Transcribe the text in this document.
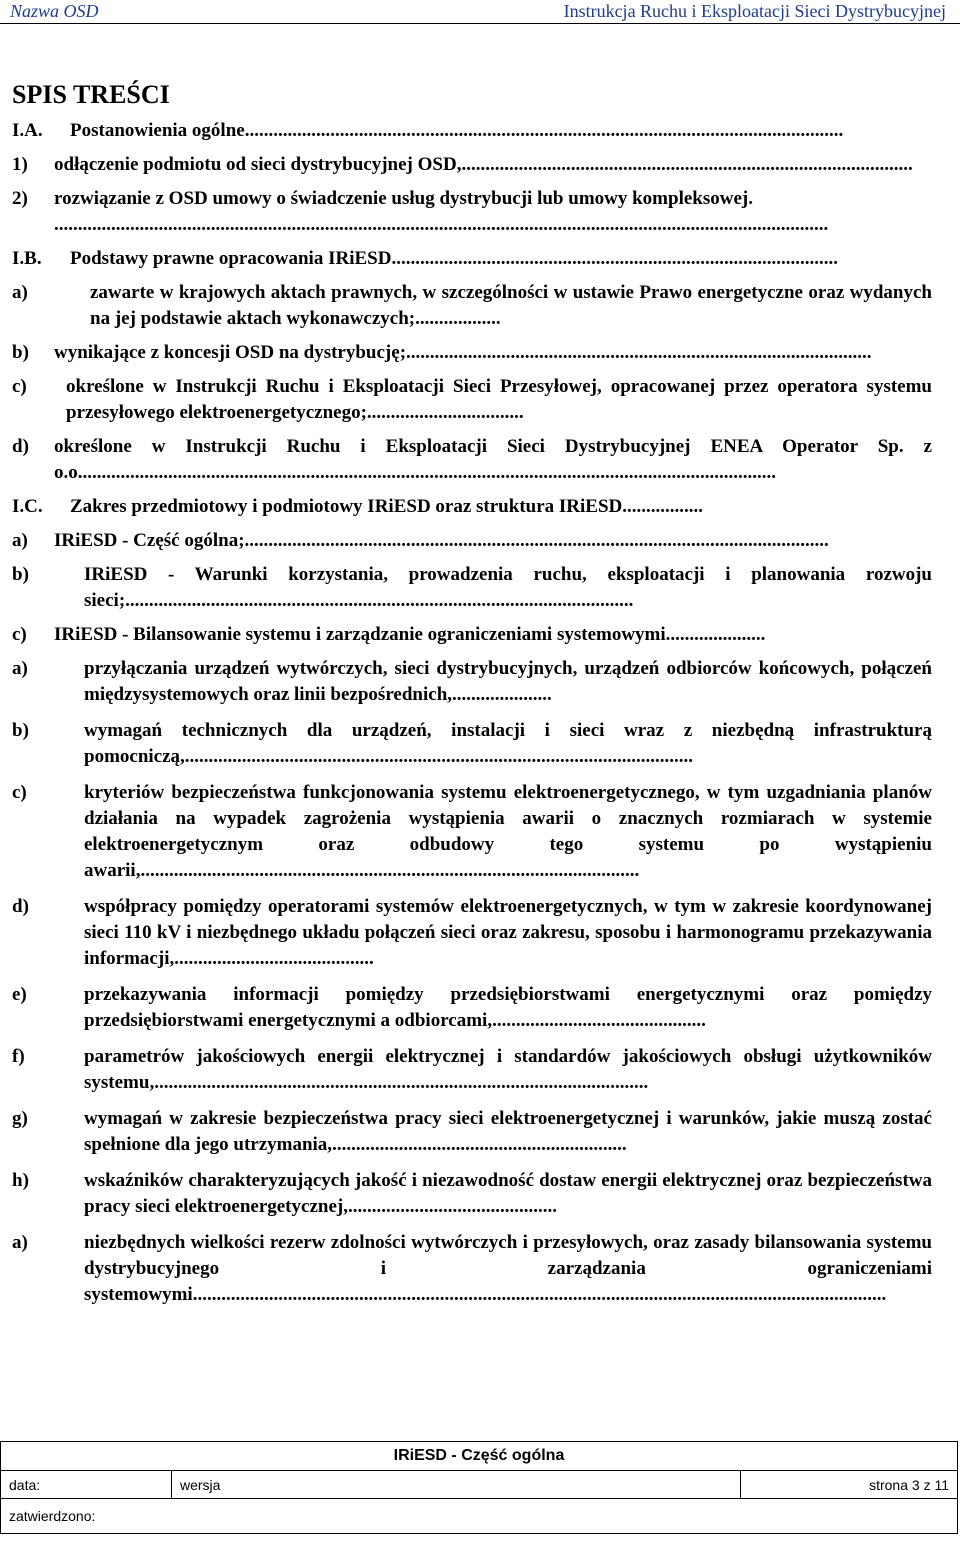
Nazwa OSD	Instrukcja Ruchu i Eksploatacji Sieci Dystrybucyjnej
SPIS TREŚCI
I.A.	Postanowienia ogólne..............................................................................................................................
1)	odłączenie podmiotu od sieci dystrybucyjnej OSD,...............................................................................................
2)	rozwiązanie z OSD umowy o świadczenie usług dystrybucji lub umowy kompleksowej.
...................................................................................................................................................................
I.B.	Podstawy prawne opracowania IRiESD..............................................................................................
a)	zawarte w krajowych aktach prawnych, w szczególności w ustawie Prawo energetyczne oraz wydanych na jej podstawie aktach wykonawczych;..................
b)	wynikające z koncesji OSD na dystrybucję;..................................................................................................
c)	określone w Instrukcji Ruchu i Eksploatacji Sieci Przesyłowej, opracowanej przez operatora systemu przesyłowego elektroenergetycznego;.................................
d)	określone w Instrukcji Ruchu i Eksploatacji Sieci Dystrybucyjnej ENEA Operator Sp. z o.o...................................................................................................................................................
I.C.	Zakres przedmiotowy i podmiotowy IRiESD oraz struktura IRiESD.................
a)	IRiESD - Część ogólna;...........................................................................................................................
b)	IRiESD - Warunki korzystania, prowadzenia ruchu, eksploatacji i planowania rozwoju sieci;...........................................................................................................
c)	IRiESD - Bilansowanie systemu i zarządzanie ograniczeniami systemowymi.....................
a)	przyłączania urządzeń wytwórczych, sieci dystrybucyjnych, urządzeń odbiorców końcowych, połączeń międzysystemowych oraz linii bezpośrednich,.....................
b)	wymagań technicznych dla urządzeń, instalacji i sieci wraz z niezbędną infrastrukturą pomocniczą,...........................................................................................................
c)	kryteriów bezpieczeństwa funkcjonowania systemu elektroenergetycznego, w tym uzgadniania planów działania na wypadek zagrożenia wystąpienia awarii o znacznych rozmiarach w systemie elektroenergetycznym oraz odbudowy tego systemu po wystąpieniu awarii,.........................................................................................................
d)	współpracy pomiędzy operatorami systemów elektroenergetycznych, w tym w zakresie koordynowanej sieci 110 kV i niezbędnego układu połączeń sieci oraz zakresu, sposobu i harmonogramu przekazywania informacji,..........................................
e)	przekazywania informacji pomiędzy przedsiębiorstwami energetycznymi oraz pomiędzy przedsiębiorstwami energetycznymi a odbiorcami,.............................................
f)	parametrów jakościowych energii elektrycznej i standardów jakościowych obsługi użytkowników systemu,........................................................................................................
g)	wymagań w zakresie bezpieczeństwa pracy sieci elektroenergetycznej i warunków, jakie muszą zostać spełnione dla jego utrzymania,..............................................................
h)	wskaźników charakteryzujących jakość i niezawodność dostaw energii elektrycznej oraz bezpieczeństwa pracy sieci elektroenergetycznej,............................................
a)	niezbędnych wielkości rezerw zdolności wytwórczych i przesyłowych, oraz zasady bilansowania systemu dystrybucyjnego i zarządzania ograniczeniami systemowymi..................................................................................................................................................
IRiESD - Część ogólna
data:	wersja	strona 3 z 11
zatwierdzono:
